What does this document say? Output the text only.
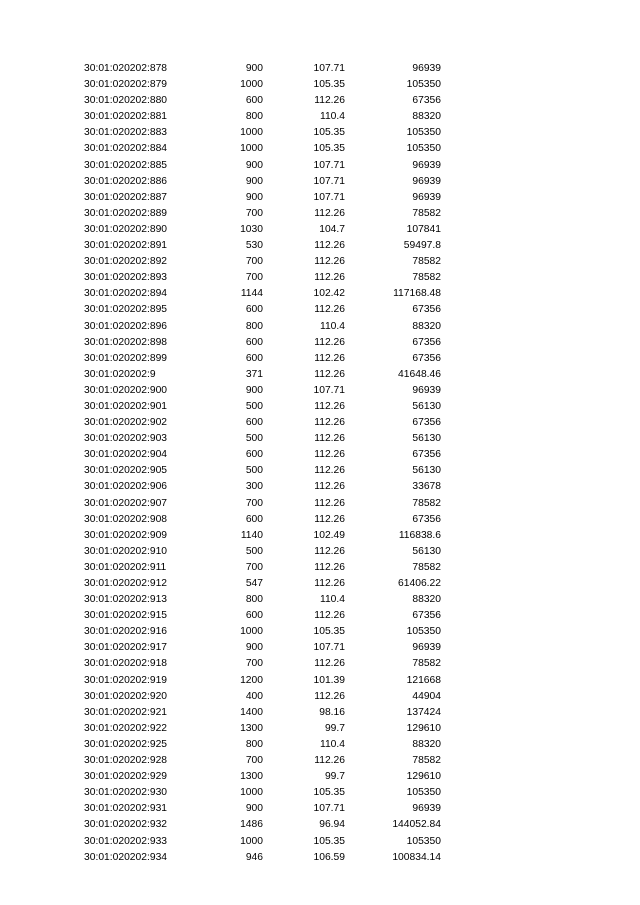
30:01:020202:878	900	107.71	96939
30:01:020202:879	1000	105.35	105350
30:01:020202:880	600	112.26	67356
30:01:020202:881	800	110.4	88320
30:01:020202:883	1000	105.35	105350
30:01:020202:884	1000	105.35	105350
30:01:020202:885	900	107.71	96939
30:01:020202:886	900	107.71	96939
30:01:020202:887	900	107.71	96939
30:01:020202:889	700	112.26	78582
30:01:020202:890	1030	104.7	107841
30:01:020202:891	530	112.26	59497.8
30:01:020202:892	700	112.26	78582
30:01:020202:893	700	112.26	78582
30:01:020202:894	1144	102.42	117168.48
30:01:020202:895	600	112.26	67356
30:01:020202:896	800	110.4	88320
30:01:020202:898	600	112.26	67356
30:01:020202:899	600	112.26	67356
30:01:020202:9	371	112.26	41648.46
30:01:020202:900	900	107.71	96939
30:01:020202:901	500	112.26	56130
30:01:020202:902	600	112.26	67356
30:01:020202:903	500	112.26	56130
30:01:020202:904	600	112.26	67356
30:01:020202:905	500	112.26	56130
30:01:020202:906	300	112.26	33678
30:01:020202:907	700	112.26	78582
30:01:020202:908	600	112.26	67356
30:01:020202:909	1140	102.49	116838.6
30:01:020202:910	500	112.26	56130
30:01:020202:911	700	112.26	78582
30:01:020202:912	547	112.26	61406.22
30:01:020202:913	800	110.4	88320
30:01:020202:915	600	112.26	67356
30:01:020202:916	1000	105.35	105350
30:01:020202:917	900	107.71	96939
30:01:020202:918	700	112.26	78582
30:01:020202:919	1200	101.39	121668
30:01:020202:920	400	112.26	44904
30:01:020202:921	1400	98.16	137424
30:01:020202:922	1300	99.7	129610
30:01:020202:925	800	110.4	88320
30:01:020202:928	700	112.26	78582
30:01:020202:929	1300	99.7	129610
30:01:020202:930	1000	105.35	105350
30:01:020202:931	900	107.71	96939
30:01:020202:932	1486	96.94	144052.84
30:01:020202:933	1000	105.35	105350
30:01:020202:934	946	106.59	100834.14
